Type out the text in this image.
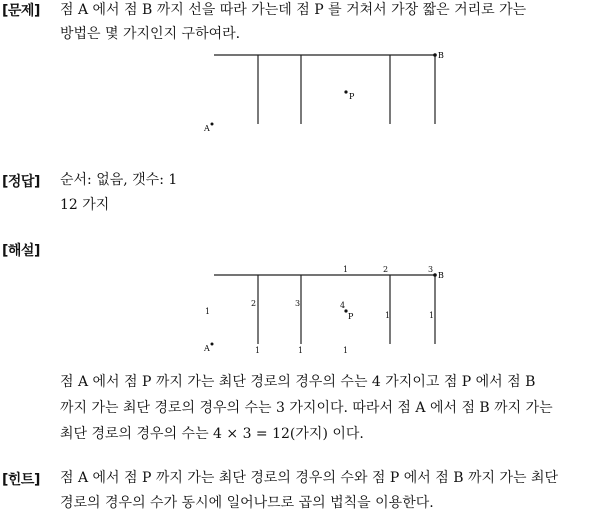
[문제] 점 A 에서 점 B 까지 선을 따라 가는데 점 P 를 거쳐서 가장 짧은 거리로 가는
방법은 몇 가지인지 구하여라.
B
P
A
[정답] 순서: 없음, 갯수: 1
12 가지
[해설]
B
P
A
1	2	3
1
2	3	4
1	1
1	1	1
점 A 에서 점 P 까지 가는 최단 경로의 경우의 수는 4 가지이고 점 P 에서 점 B
까지 가는 최단 경로의 경우의 수는 3 가지이다. 따라서 점 A 에서 점 B 까지 가는
최단 경로의 경우의 수는 4 × 3 = 12(가지) 이다.
[힌트] 점 A 에서 점 P 까지 가는 최단 경로의 경우의 수와 점 P 에서 점 B 까지 가는 최단
경로의 경우의 수가 동시에 일어나므로 곱의 법칙을 이용한다.
